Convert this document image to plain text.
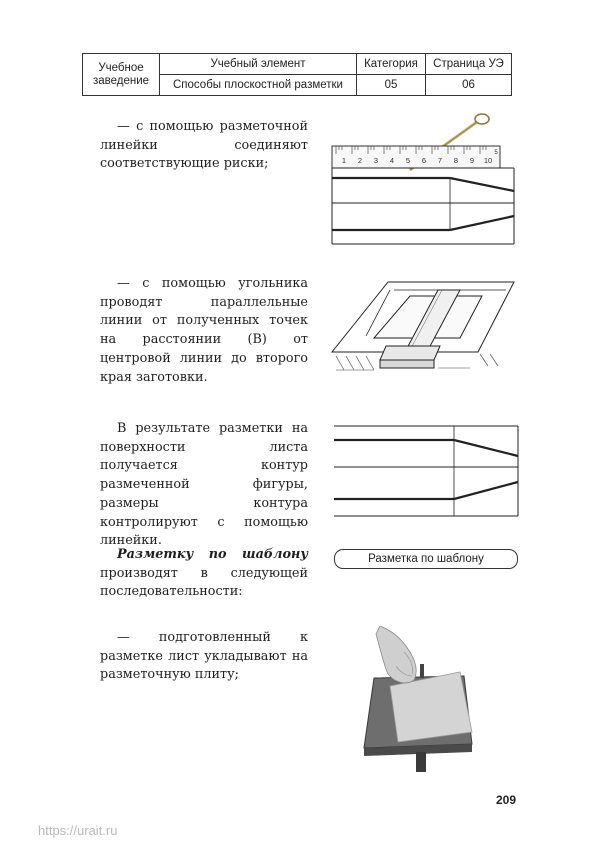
Учебное заведение	Учебный элемент	Категория	Страница УЭ
	Способы плоскостной разметки	05	06

— с помощью разметочной линейки соединяют соответствующие риски;

— с помощью угольника проводят параллельные линии от полученных точек на расстоянии (В) от центровой линии до второго края заготовки.

В результате разметки на поверхности листа получается контур размеченной фигуры, размеры контура контролируют с помощью линейки.

Разметку по шаблону производят в следующей последовательности:

— подготовленный к разметке лист укладывают на разметочную плиту;

1 2 3 4 5 6 7 8 9 10
5
Разметка по шаблону
209
https://urait.ru
